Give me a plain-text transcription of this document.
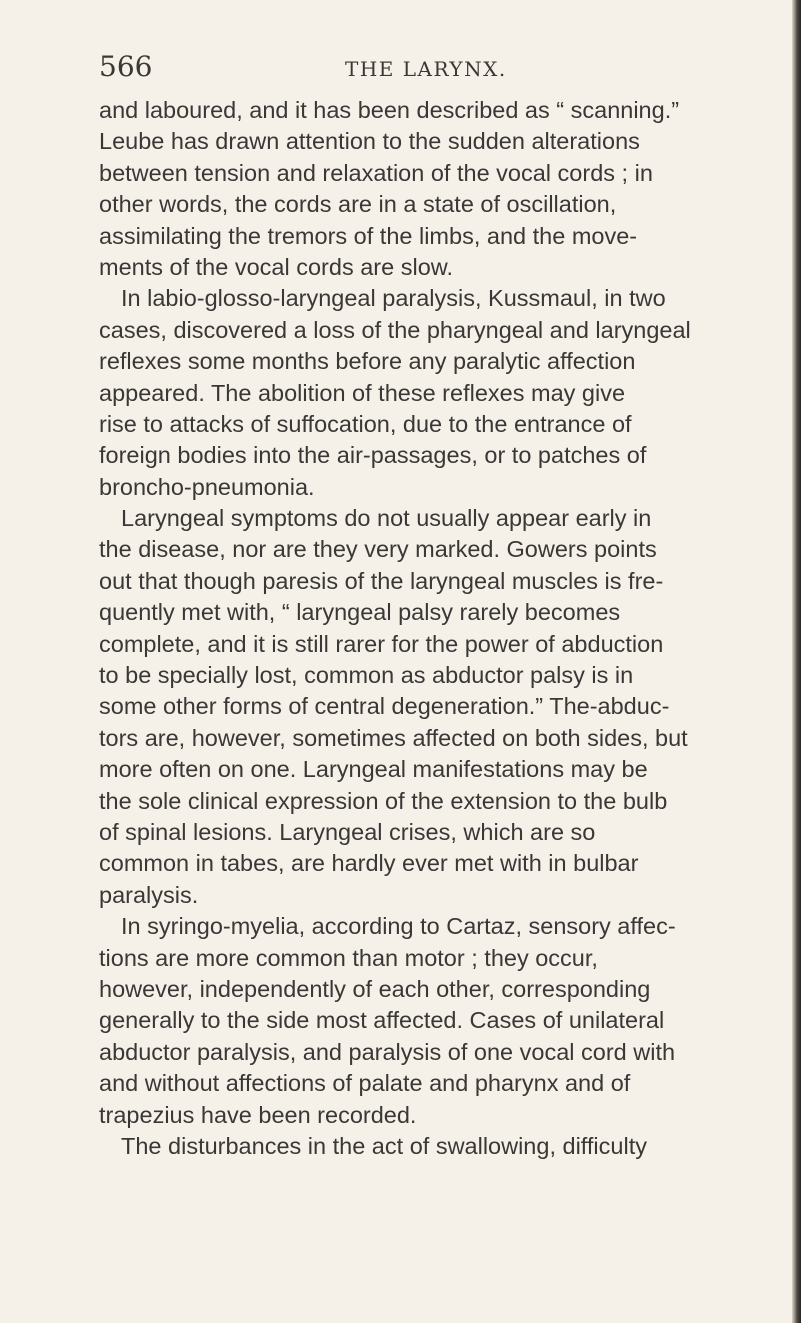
566	THE LARYNX.
and laboured, and it has been described as “ scanning.”
Leube has drawn attention to the sudden alterations
between tension and relaxation of the vocal cords ; in
other words, the cords are in a state of oscillation,
assimilating the tremors of the limbs, and the move-
ments of the vocal cords are slow.
In labio-glosso-laryngeal paralysis, Kussmaul, in two
cases, discovered a loss of the pharyngeal and laryngeal
reflexes some months before any paralytic affection
appeared. The abolition of these reflexes may give
rise to attacks of suffocation, due to the entrance of
foreign bodies into the air-passages, or to patches of
broncho-pneumonia.
Laryngeal symptoms do not usually appear early in
the disease, nor are they very marked. Gowers points
out that though paresis of the laryngeal muscles is fre-
quently met with, “ laryngeal palsy rarely becomes
complete, and it is still rarer for the power of abduction
to be specially lost, common as abductor palsy is in
some other forms of central degeneration.” The-abduc-
tors are, however, sometimes affected on both sides, but
more often on one. Laryngeal manifestations may be
the sole clinical expression of the extension to the bulb
of spinal lesions. Laryngeal crises, which are so
common in tabes, are hardly ever met with in bulbar
paralysis.
In syringo-myelia, according to Cartaz, sensory affec-
tions are more common than motor ; they occur,
however, independently of each other, corresponding
generally to the side most affected. Cases of unilateral
abductor paralysis, and paralysis of one vocal cord with
and without affections of palate and pharynx and of
trapezius have been recorded.
The disturbances in the act of swallowing, difficulty
